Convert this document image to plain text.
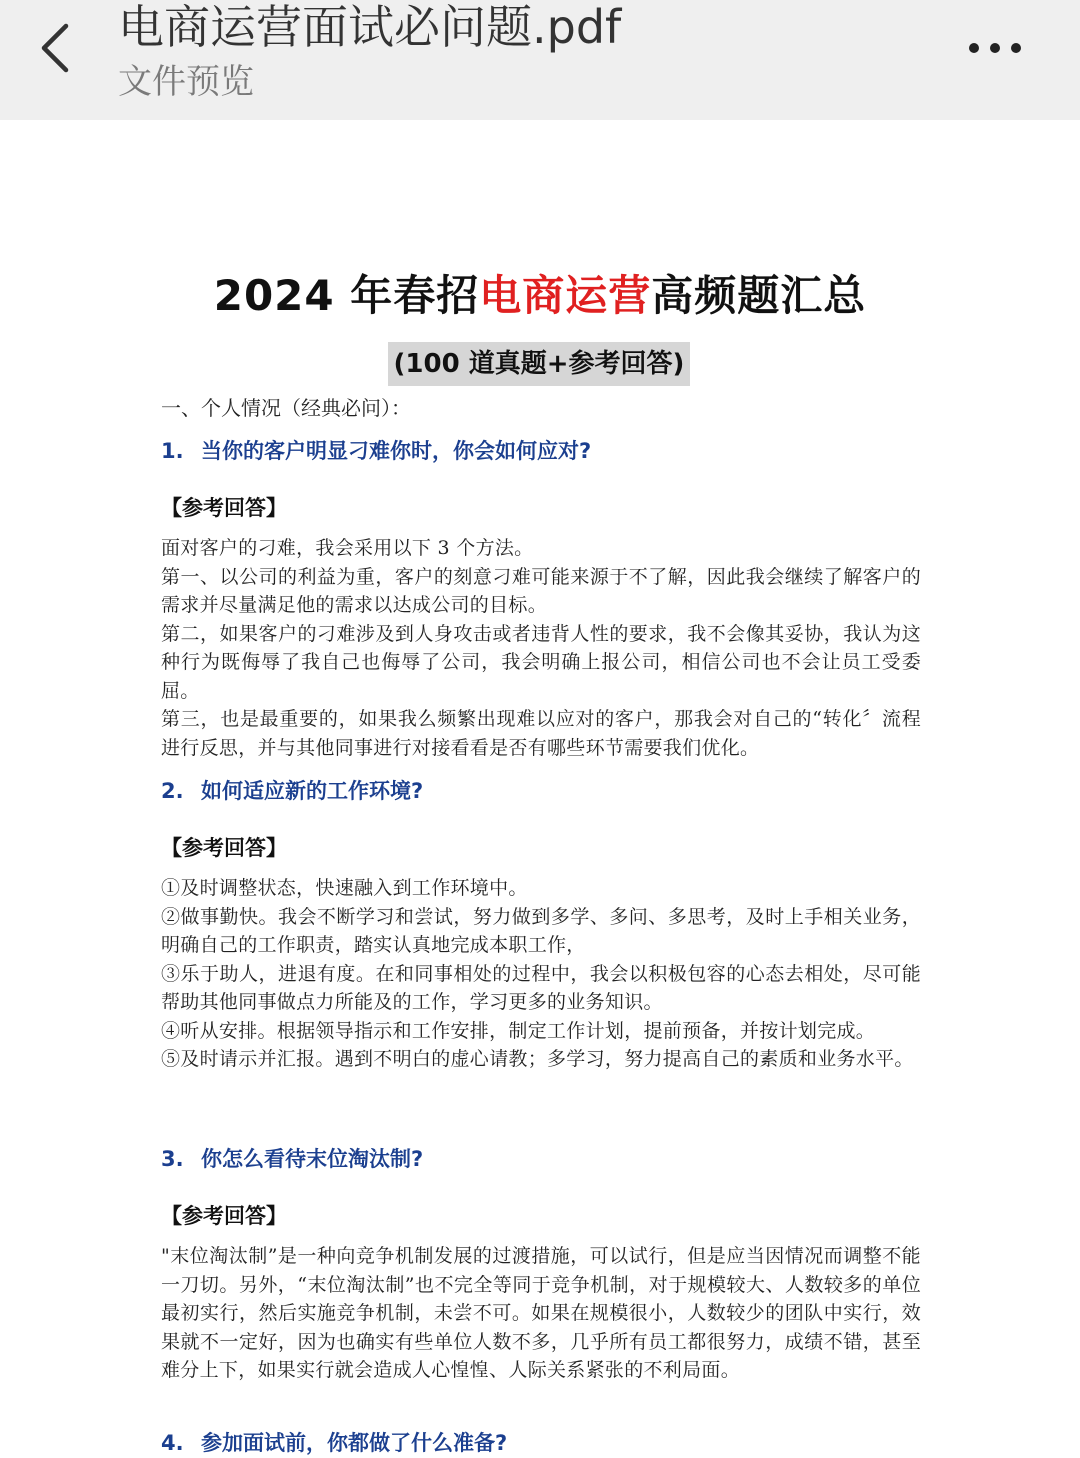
电商运营面试必问题.pdf
文件预览
2024 年春招电商运营高频题汇总
(100 道真题+参考回答)
一、个人情况（经典必问）：
1. 当你的客户明显刁难你时，你会如何应对?
【参考回答】

面对客户的刁难，我会采用以下 3 个方法。

第一、以公司的利益为重，客户的刻意刁难可能来源于不了解，因此我会继续了解客户的需求并尽量满足他的需求以达成公司的目标。

第二，如果客户的刁难涉及到人身攻击或者违背人性的要求，我不会像其妥协，我认为这种行为既侮辱了我自己也侮辱了公司，我会明确上报公司，相信公司也不会让员工受委屈。

第三，也是最重要的，如果我么频繁出现难以应对的客户，那我会对自己的“转化〞流程进行反思，并与其他同事进行对接看看是否有哪些环节需要我们优化。

2. 如何适应新的工作环境?
【参考回答】

①及时调整状态，快速融入到工作环境中。

②做事勤快。我会不断学习和尝试，努力做到多学、多问、多思考，及时上手相关业务，明确自己的工作职责，踏实认真地完成本职工作，

③乐于助人，进退有度。在和同事相处的过程中，我会以积极包容的心态去相处，尽可能帮助其他同事做点力所能及的工作，学习更多的业务知识。

④听从安排。根据领导指示和工作安排，制定工作计划，提前预备，并按计划完成。

⑤及时请示并汇报。遇到不明白的虚心请教；多学习，努力提高自己的素质和业务水平。

3. 你怎么看待末位淘汰制?
【参考回答】

"末位淘汰制”是一种向竞争机制发展的过渡措施，可以试行，但是应当因情况而调整不能一刀切。另外，“末位淘汰制”也不完全等同于竞争机制，对于规模较大、人数较多的单位最初实行，然后实施竞争机制，未尝不可。如果在规模很小，人数较少的团队中实行，效果就不一定好，因为也确实有些单位人数不多，几乎所有员工都很努力，成绩不错，甚至难分上下，如果实行就会造成人心惶惶、人际关系紧张的不利局面。

4. 参加面试前，你都做了什么准备?
